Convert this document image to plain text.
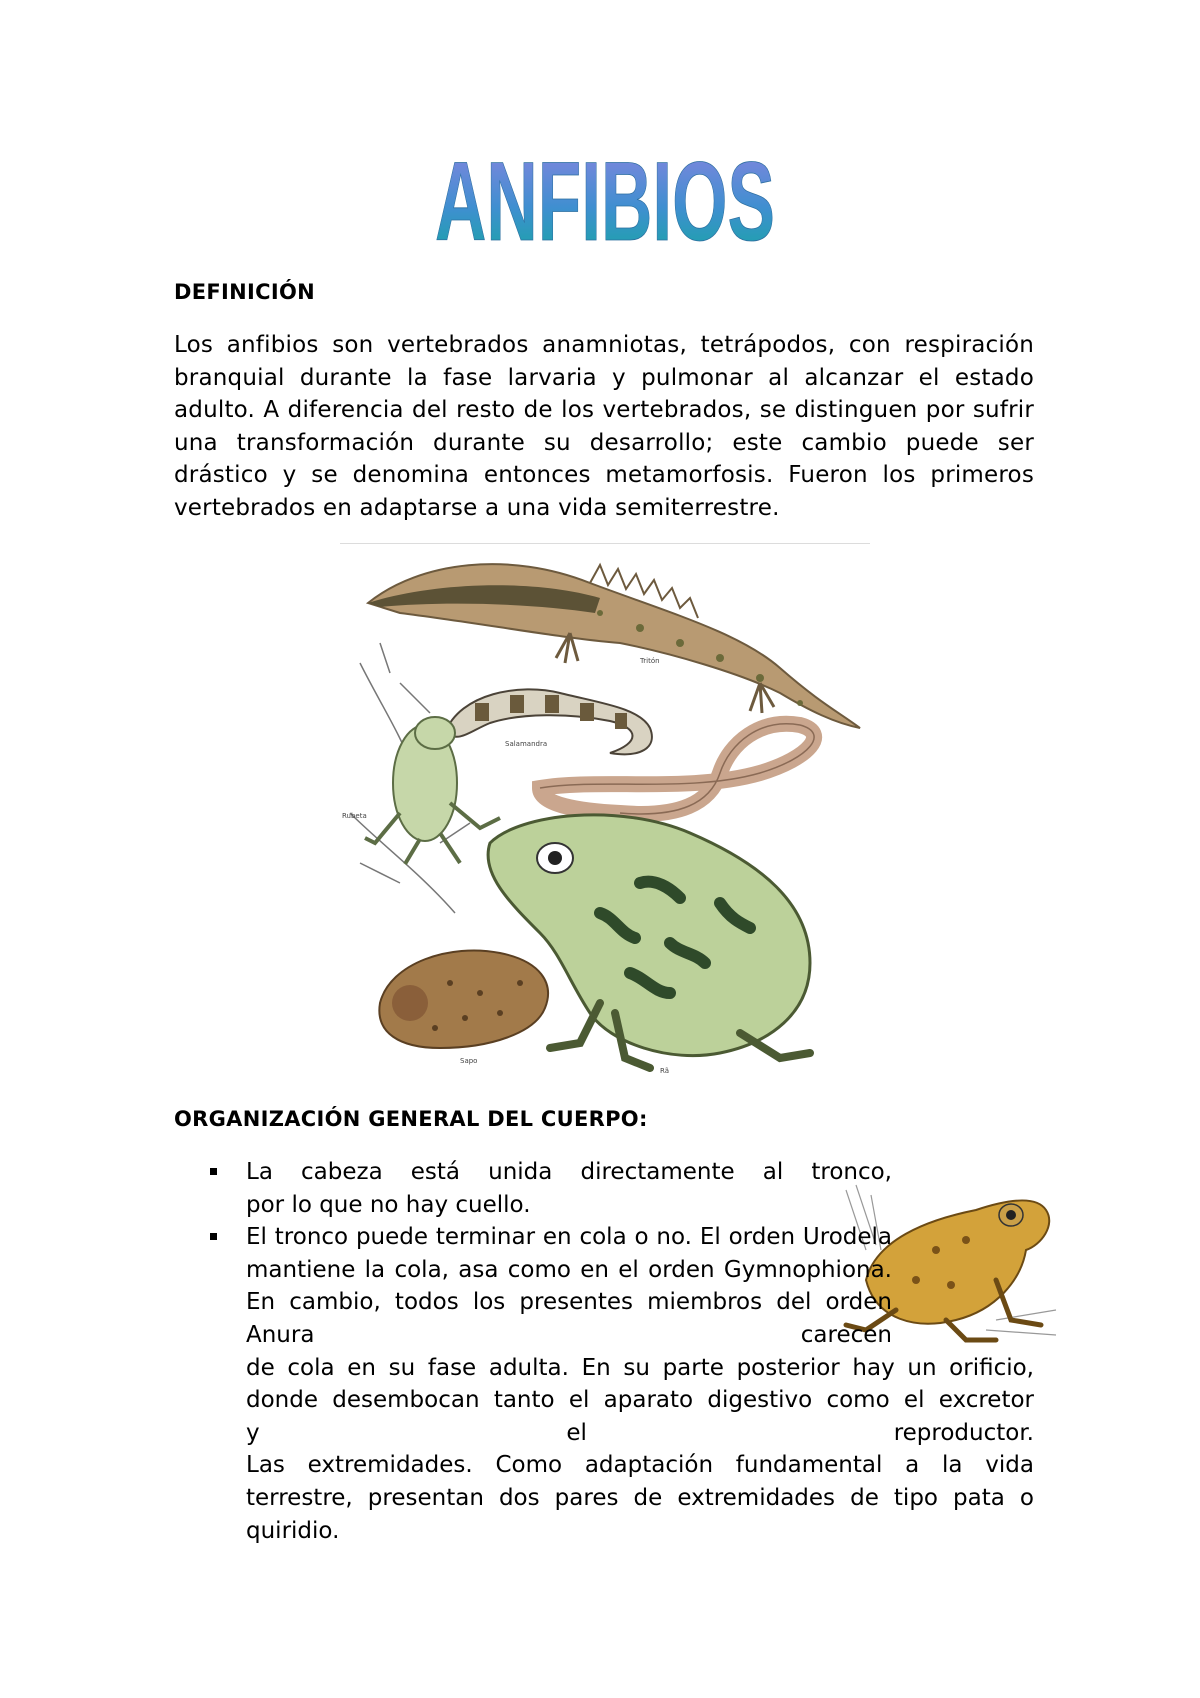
ANFIBIOS
DEFINICIÓN
Los anfibios son vertebrados anamniotas, tetrápodos, con respiración branquial durante la fase larvaria y pulmonar al alcanzar el estado adulto. A diferencia del resto de los vertebrados, se distinguen por sufrir una transformación durante su desarrollo; este cambio puede ser drástico y se denomina entonces metamorfosis. Fueron los primeros vertebrados en adaptarse a una vida semiterrestre.
Tritón
Salamandra
Rubeta
Rã
Sapo
ORGANIZACIÓN GENERAL DEL CUERPO:
La cabeza está unida directamente al tronco,
por lo que no hay cuello.
El tronco puede terminar en cola o no. El orden Urodela mantiene la cola, asa como en el orden Gymnophiona. En cambio, todos los presentes miembros del orden Anura carecen
de cola en su fase adulta. En su parte posterior hay un orificio, donde desembocan tanto el aparato digestivo como el excretor
y el reproductor.
Las extremidades. Como adaptación fundamental a la vida terrestre, presentan dos pares de extremidades de tipo pata o quiridio.
